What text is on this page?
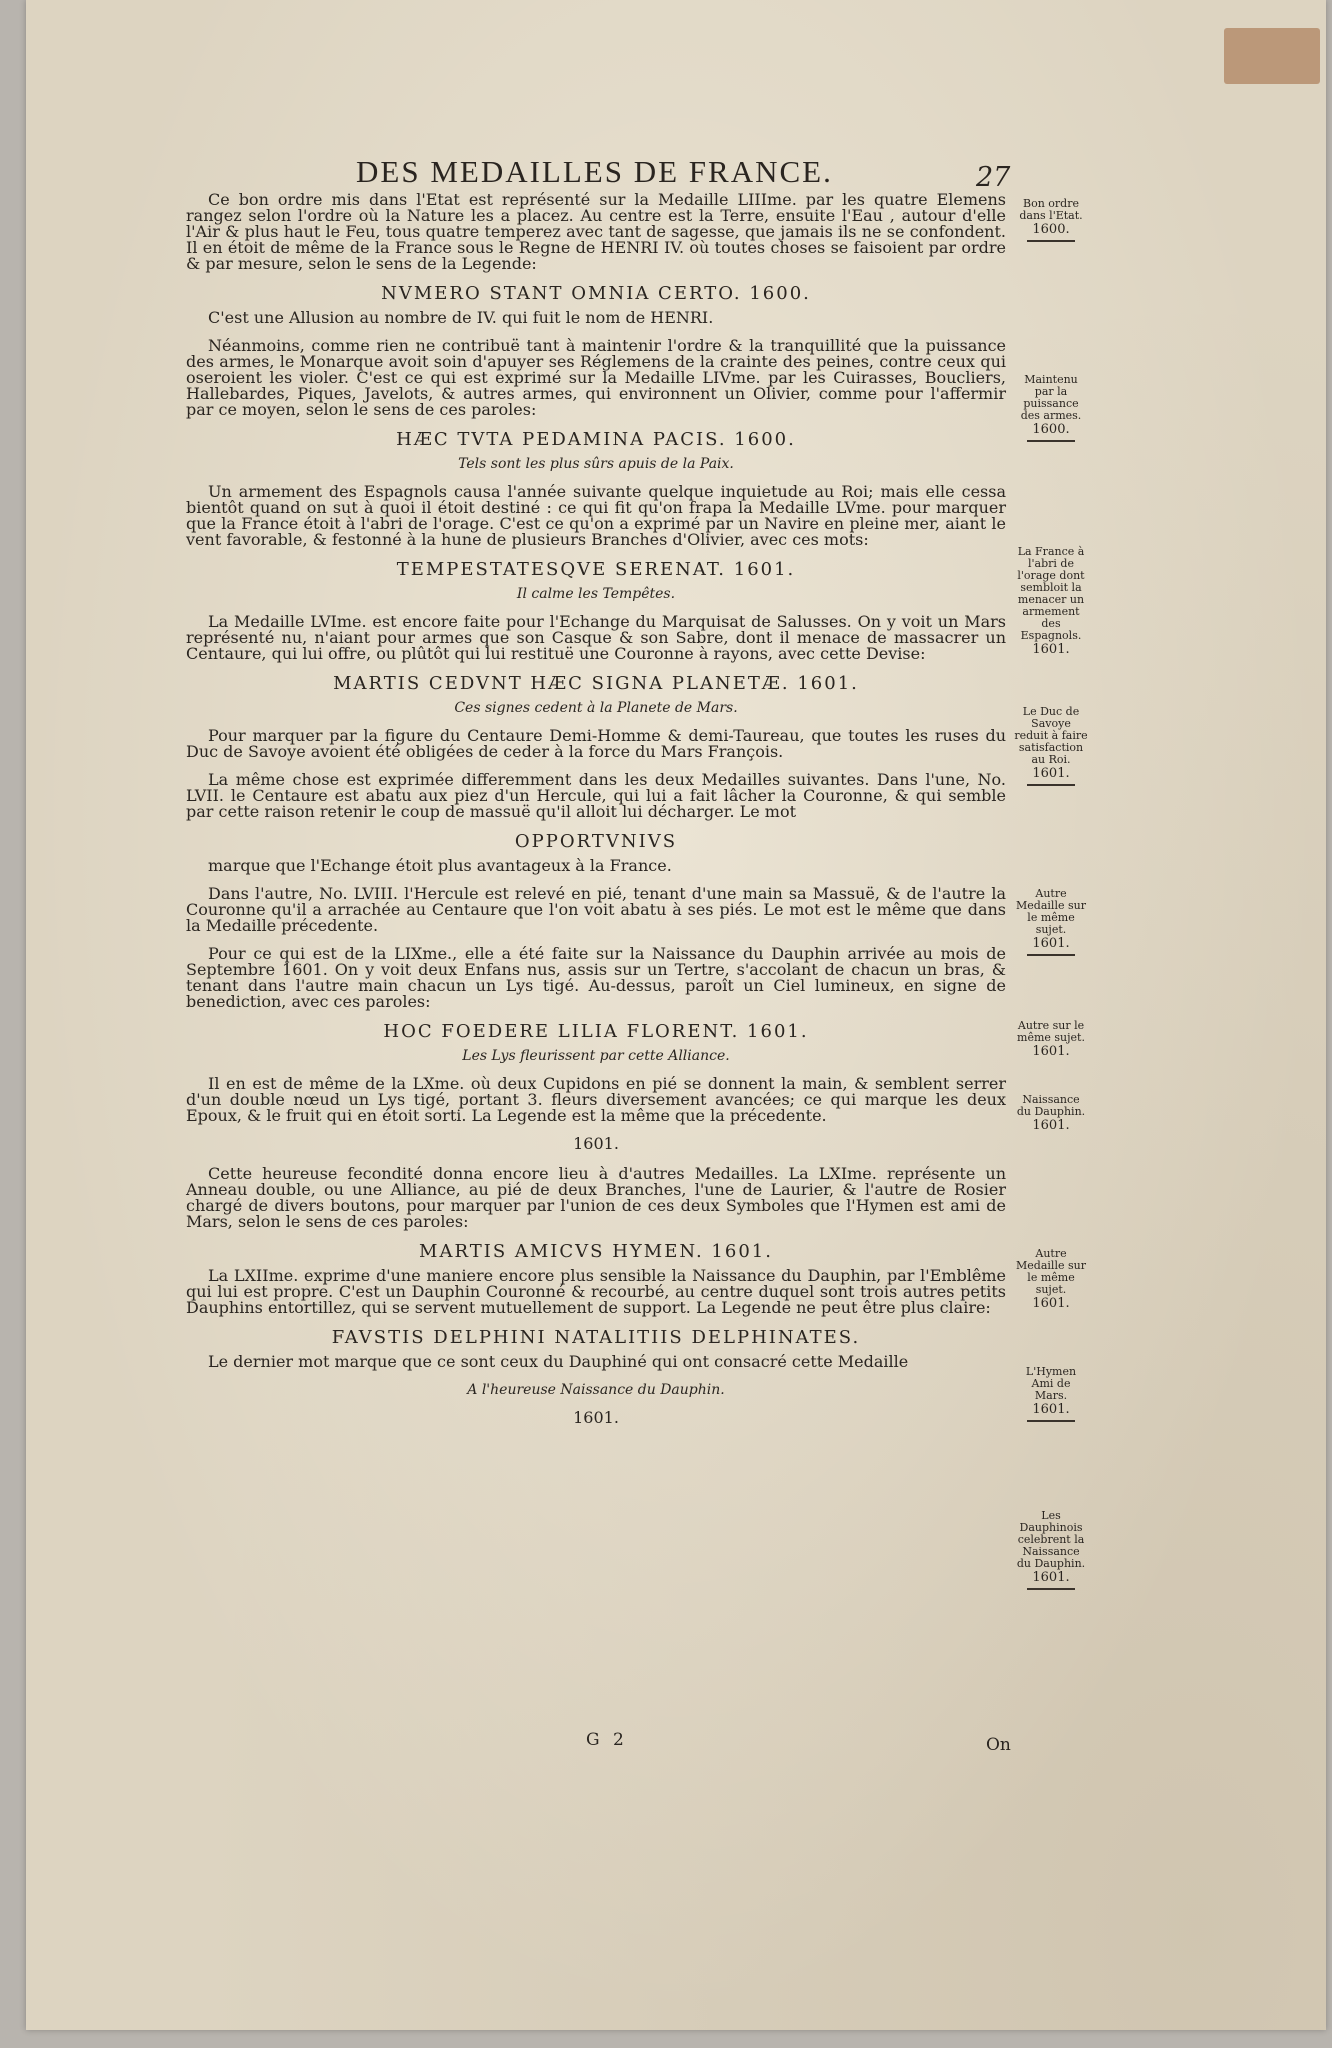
DES MEDAILLES DE FRANCE.	27

Ce bon ordre mis dans l'Etat est représenté sur la Medaille LIIIme. par les quatre Elemens rangez selon l'ordre où la Nature les a placez. Au centre est la Terre, ensuite l'Eau , autour d'elle l'Air & plus haut le Feu, tous quatre temperez avec tant de sagesse, que jamais ils ne se confondent. Il en étoit de même de la France sous le Regne de HENRI IV. où toutes choses se faisoient par ordre & par mesure, selon le sens de la Legende:

NVMERO STANT OMNIA CERTO. 1600.

C'est une Allusion au nombre de IV. qui fuit le nom de HENRI.

Néanmoins, comme rien ne contribuë tant à maintenir l'ordre & la tranquillité que la puissance des armes, le Monarque avoit soin d'apuyer ses Réglemens de la crainte des peines, contre ceux qui oseroient les violer. C'est ce qui est exprimé sur la Medaille LIVme. par les Cuirasses, Boucliers, Hallebardes, Piques, Javelots, & autres armes, qui environnent un Olivier, comme pour l'affermir par ce moyen, selon le sens de ces paroles:

HÆC TVTA PEDAMINA PACIS. 1600.
Tels sont les plus sûrs apuis de la Paix.

Un armement des Espagnols causa l'année suivante quelque inquietude au Roi; mais elle cessa bientôt quand on sut à quoi il étoit destiné : ce qui fit qu'on frapa la Medaille LVme. pour marquer que la France étoit à l'abri de l'orage. C'est ce qu'on a exprimé par un Navire en pleine mer, aiant le vent favorable, & festonné à la hune de plusieurs Branches d'Olivier, avec ces mots:

TEMPESTATESQVE SERENAT. 1601.
Il calme les Tempêtes.

La Medaille LVIme. est encore faite pour l'Echange du Marquisat de Salusses. On y voit un Mars représenté nu, n'aiant pour armes que son Casque & son Sabre, dont il menace de massacrer un Centaure, qui lui offre, ou plûtôt qui lui restituë une Couronne à rayons, avec cette Devise:

MARTIS CEDVNT HÆC SIGNA PLANETÆ. 1601.
Ces signes cedent à la Planete de Mars.

Pour marquer par la figure du Centaure Demi-Homme & demi-Taureau, que toutes les ruses du Duc de Savoye avoient été obligées de ceder à la force du Mars François.

La même chose est exprimée differemment dans les deux Medailles suivantes. Dans l'une, No. LVII. le Centaure est abatu aux piez d'un Hercule, qui lui a fait lâcher la Couronne, & qui semble par cette raison retenir le coup de massuë qu'il alloit lui décharger. Le mot

OPPORTVNIVS

marque que l'Echange étoit plus avantageux à la France.

Dans l'autre, No. LVIII. l'Hercule est relevé en pié, tenant d'une main sa Massuë, & de l'autre la Couronne qu'il a arrachée au Centaure que l'on voit abatu à ses piés. Le mot est le même que dans la Medaille précedente.

Pour ce qui est de la LIXme., elle a été faite sur la Naissance du Dauphin arrivée au mois de Septembre 1601. On y voit deux Enfans nus, assis sur un Tertre, s'accolant de chacun un bras, & tenant dans l'autre main chacun un Lys tigé. Au-dessus, paroît un Ciel lumineux, en signe de benediction, avec ces paroles:

HOC FOEDERE LILIA FLORENT. 1601.
Les Lys fleurissent par cette Alliance.

Il en est de même de la LXme. où deux Cupidons en pié se donnent la main, & semblent serrer d'un double nœud un Lys tigé, portant 3. fleurs diversement avancées; ce qui marque les deux Epoux, & le fruit qui en étoit sorti. La Legende est la même que la précedente.

1601.

Cette heureuse fecondité donna encore lieu à d'autres Medailles. La LXIme. représente un Anneau double, ou une Alliance, au pié de deux Branches, l'une de Laurier, & l'autre de Rosier chargé de divers boutons, pour marquer par l'union de ces deux Symboles que l'Hymen est ami de Mars, selon le sens de ces paroles:

MARTIS AMICVS HYMEN. 1601.

La LXIIme. exprime d'une maniere encore plus sensible la Naissance du Dauphin, par l'Emblême qui lui est propre. C'est un Dauphin Couronné & recourbé, au centre duquel sont trois autres petits Dauphins entortillez, qui se servent mutuellement de support. La Legende ne peut être plus claire:

FAVSTIS DELPHINI NATALITIIS DELPHINATES.

Le dernier mot marque que ce sont ceux du Dauphiné qui ont consacré cette Medaille

A l'heureuse Naissance du Dauphin.
1601.
Bon ordre dans l'Etat.
1600.
Maintenu par la puissance des armes.
1600.
La France à l'abri de l'orage dont sembloit la menacer un armement des Espagnols.
1601.
Le Duc de Savoye reduit à faire satisfaction au Roi.
1601.
Autre Medaille sur le même sujet.
1601.
Autre sur le même sujet.
1601.
Naissance du Dauphin.
1601.
Autre Medaille sur le même sujet.
1601.
L'Hymen Ami de Mars.
1601.
Les Dauphinois celebrent la Naissance du Dauphin.
1601.
G 2	On
